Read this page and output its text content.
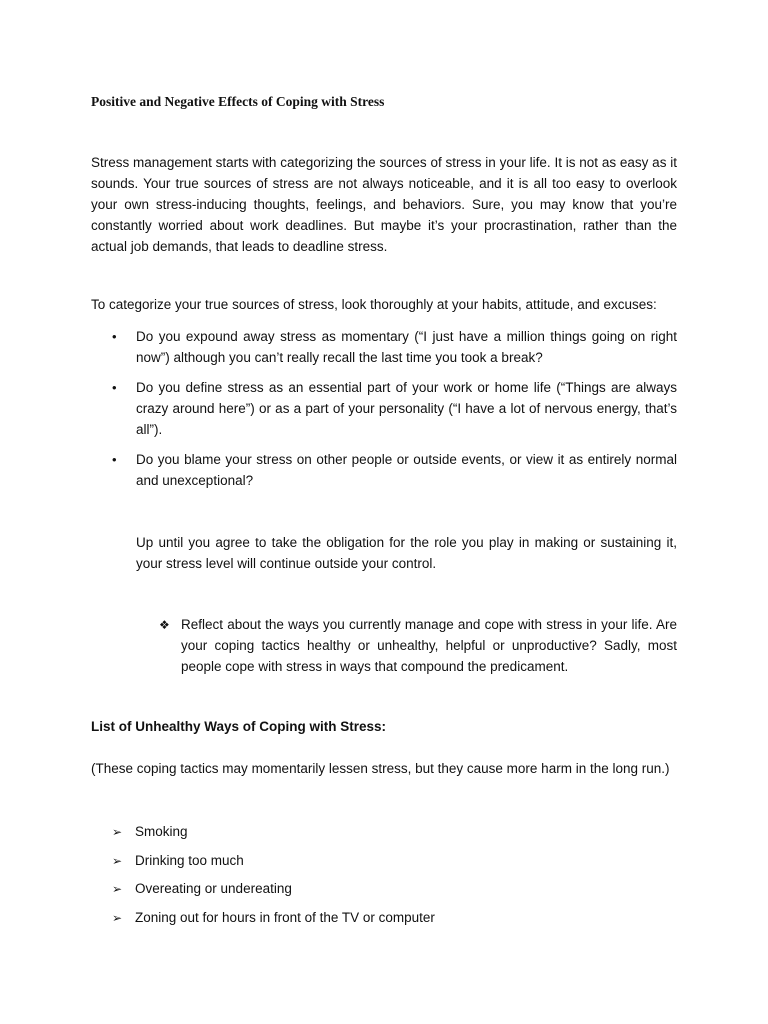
Positive and Negative Effects of Coping with Stress

Stress management starts with categorizing the sources of stress in your life. It is not as easy as it sounds. Your true sources of stress are not always noticeable, and it is all too easy to overlook your own stress-inducing thoughts, feelings, and behaviors. Sure, you may know that you’re constantly worried about work deadlines. But maybe it’s your procrastination, rather than the actual job demands, that leads to deadline stress.

To categorize your true sources of stress, look thoroughly at your habits, attitude, and excuses:

• Do you expound away stress as momentary (“I just have a million things going on right now”) although you can’t really recall the last time you took a break?
• Do you define stress as an essential part of your work or home life (“Things are always crazy around here”) or as a part of your personality (“I have a lot of nervous energy, that’s all”).
• Do you blame your stress on other people or outside events, or view it as entirely normal and unexceptional?

Up until you agree to take the obligation for the role you play in making or sustaining it, your stress level will continue outside your control.

❖ Reflect about the ways you currently manage and cope with stress in your life. Are your coping tactics healthy or unhealthy, helpful or unproductive? Sadly, most people cope with stress in ways that compound the predicament.
List of Unhealthy Ways of Coping with Stress:

(These coping tactics may momentarily lessen stress, but they cause more harm in the long run.)

➢ Smoking
➢ Drinking too much
➢ Overeating or undereating
➢ Zoning out for hours in front of the TV or computer
